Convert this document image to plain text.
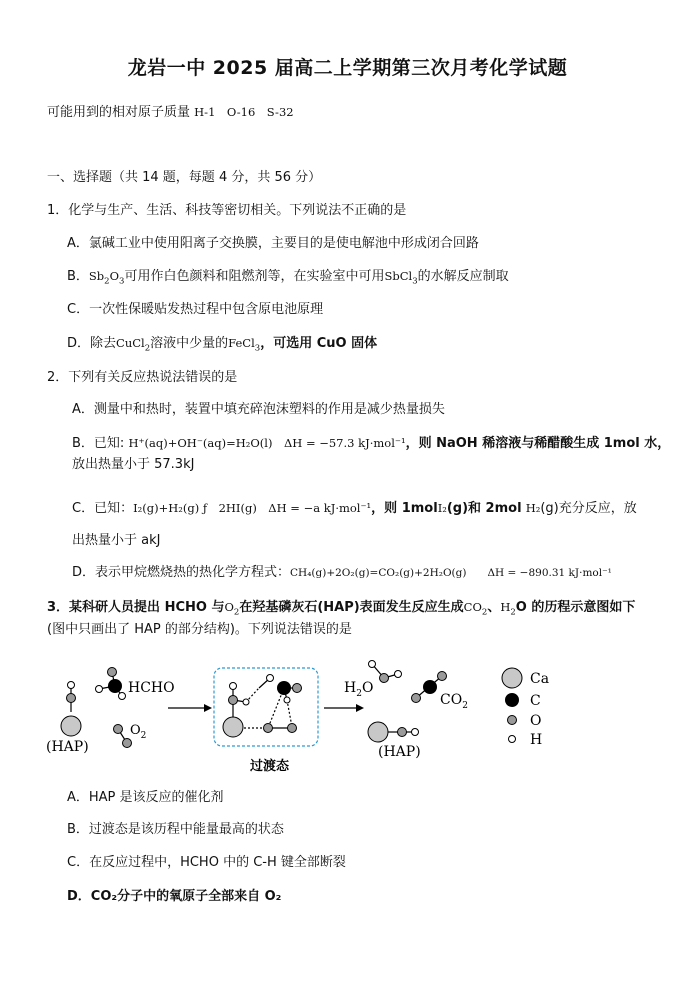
龙岩一中 2025 届高二上学期第三次月考化学试题
可能用到的相对原子质量 H-1　O-16　S-32
一、选择题（共 14 题，每题 4 分，共 56 分）
1．化学与生产、生活、科技等密切相关。下列说法不正确的是
A．氯碱工业中使用阳离子交换膜，主要目的是使电解池中形成闭合回路
B．$Sb_2O_3$可用作白色颜料和阻燃剂等，在实验室中可用SbCl$_3$的水解反应制取
C．一次性保暖贴发热过程中包含原电池原理
D．除去CuCl$_2$溶液中少量的FeCl$_3$，可选用 CuO 固体
2．下列有关反应热说法错误的是
A．测量中和热时，装置中填充碎泡沫塑料的作用是减少热量损失
B．已知: H⁺(aq)+OH⁻(aq)=H₂O(l)　ΔH = −57.3 kJ·mol⁻¹，则 NaOH 稀溶液与稀醋酸生成 1mol 水，
放出热量小于 57.3kJ
C．已知：I₂(g)+H₂(g) ƒ　2HI(g)　ΔH = −a kJ·mol⁻¹，则 1molI₂(g)和 2mol H₂(g)充分反应，放
出热量小于 akJ
D．表示甲烷燃烧热的热化学方程式：CH₄(g)+2O₂(g)=CO₂(g)+2H₂O(g)　　ΔH = −890.31 kJ·mol⁻¹
3．某科研人员提出 HCHO 与$O_2$在羟基磷灰石(HAP)表面发生反应生成$CO_2$、$H_2O$ 的历程示意图如下
(图中只画出了 HAP 的部分结构)。下列说法错误的是
(HAP)
HCHO
$O_2$
过渡态
$H_2O$
$CO_2$
(HAP)
Ca
C
O
H
A．HAP 是该反应的催化剂
B．过渡态是该历程中能量最高的状态
C．在反应过程中，HCHO 中的 C-H 键全部断裂
D．CO₂分子中的氧原子全部来自 O₂
